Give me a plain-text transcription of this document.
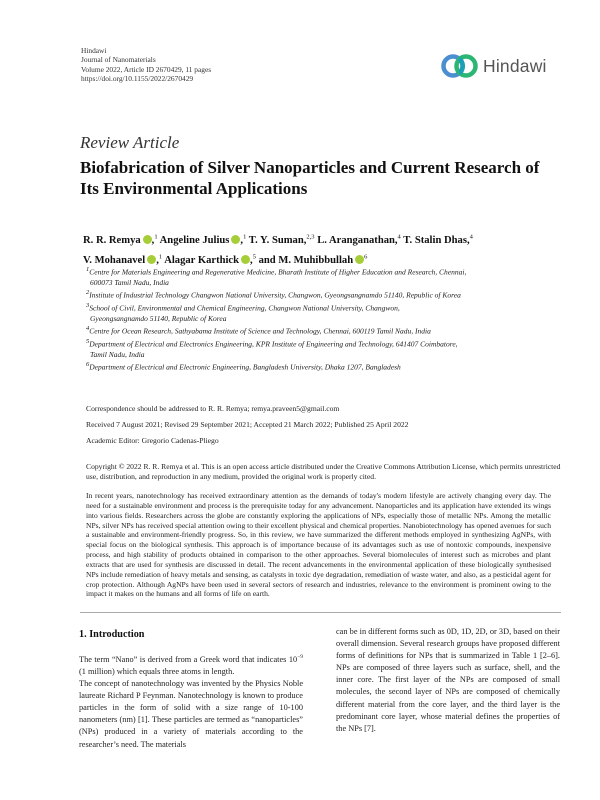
Hindawi
Journal of Nanomaterials
Volume 2022, Article ID 2670429, 11 pages
https://doi.org/10.1155/2022/2670429
Hindawi
Review Article
Biofabrication of Silver Nanoparticles and Current Research of Its Environmental Applications
R. R. Remya ,$^1$ Angeline Julius ,$^1$ T. Y. Suman,$^{2,3}$ L. Aranganathan,$^4$ T. Stalin Dhas,$^4$
V. Mohanavel ,$^1$ Alagar Karthick ,$^5$ and M. Muhibbullah $^6$
$^1$Centre for Materials Engineering and Regenerative Medicine, Bharath Institute of Higher Education and Research, Chennai,
600073 Tamil Nadu, India
$^2$Institute of Industrial Technology Changwon National University, Changwon, Gyeongsangnamdo 51140, Republic of Korea
$^3$School of Civil, Environmental and Chemical Engineering, Changwon National University, Changwon,
Gyeongsangnamdo 51140, Republic of Korea
$^4$Centre for Ocean Research, Sathyabama Institute of Science and Technology, Chennai, 600119 Tamil Nadu, India
$^5$Department of Electrical and Electronics Engineering, KPR Institute of Engineering and Technology, 641407 Coimbatore,
Tamil Nadu, India
$^6$Department of Electrical and Electronic Engineering, Bangladesh University, Dhaka 1207, Bangladesh
Correspondence should be addressed to R. R. Remya; remya.praveen5@gmail.com
Received 7 August 2021; Revised 29 September 2021; Accepted 21 March 2022; Published 25 April 2022
Academic Editor: Gregorio Cadenas-Pliego
Copyright © 2022 R. R. Remya et al. This is an open access article distributed under the Creative Commons Attribution License, which permits unrestricted use, distribution, and reproduction in any medium, provided the original work is properly cited.
In recent years, nanotechnology has received extraordinary attention as the demands of today's modern lifestyle are actively changing every day. The need for a sustainable environment and process is the prerequisite today for any advancement. Nanoparticles and its application have extended its wings into various fields. Researchers across the globe are constantly exploring the applications of NPs, especially those of metallic NPs. Among the metallic NPs, silver NPs has received special attention owing to their excellent physical and chemical properties. Nanobiotechnology has opened avenues for such a sustainable and environment-friendly progress. So, in this review, we have summarized the different methods employed in synthesizing AgNPs, with special focus on the biological synthesis. This approach is of importance because of its advantages such as use of nontoxic compounds, inexpensive process, and high stability of products obtained in comparison to the other approaches. Several biomolecules of interest such as microbes and plant extracts that are used for synthesis are discussed in detail. The recent advancements in the environmental application of these biologically synthesised NPs include remediation of heavy metals and sensing, as catalysts in toxic dye degradation, remediation of waste water, and also, as a pesticidal agent for crop protection. Although AgNPs have been used in several sectors of research and industries, relevance to the environment is prominent owing to the impact it makes on the humans and all forms of life on earth.
1. Introduction
The term “Nano” is derived from a Greek word that indicates $10^{-9}$ (1 million) which equals three atoms in length.
The concept of nanotechnology was invented by the Physics Noble laureate Richard P Feynman. Nanotechnology is known to produce particles in the form of solid with a size range of 10-100 nanometers (nm) [1]. These particles are termed as “nanoparticles” (NPs) produced in a variety of materials according to the researcher’s need. The materials
can be in different forms such as 0D, 1D, 2D, or 3D, based on their overall dimension. Several research groups have proposed different forms of definitions for NPs that is summarized in Table 1 [2–6]. NPs are composed of three layers such as surface, shell, and the inner core. The first layer of the NPs are composed of small molecules, the second layer of NPs are composed of chemically different material from the core layer, and the third layer is the predominant core layer, whose material defines the properties of the NPs [7].
